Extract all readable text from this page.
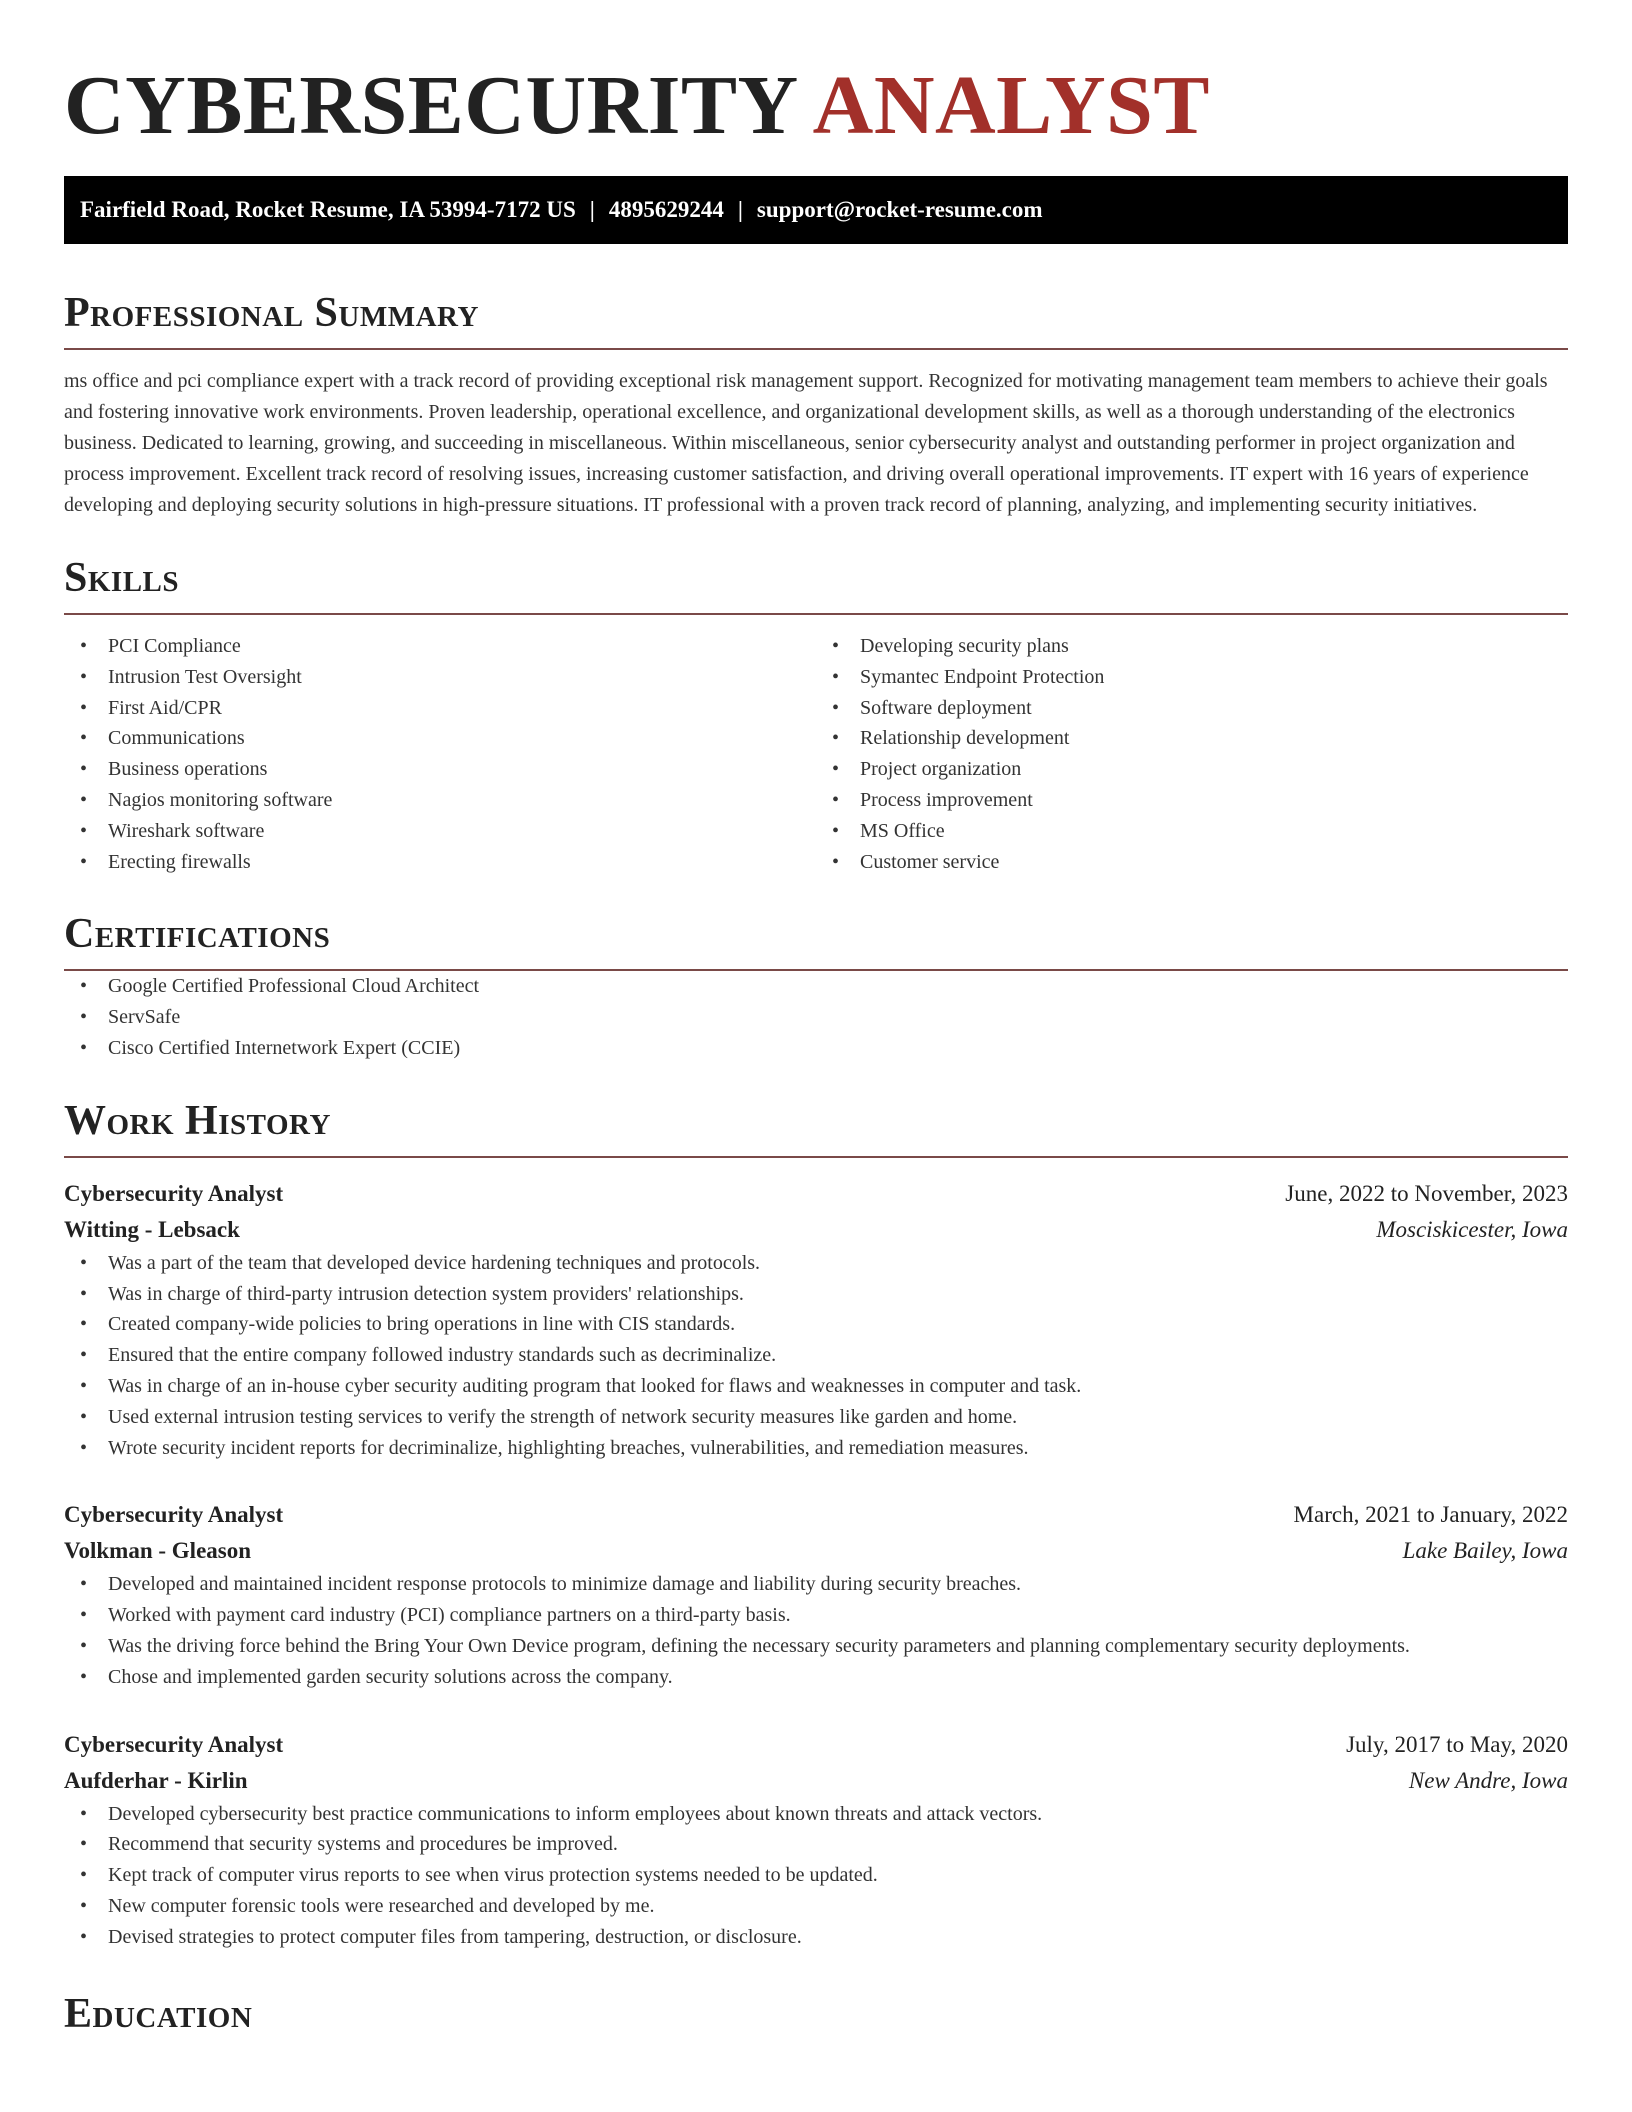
CYBERSECURITY ANALYST
Fairfield Road, Rocket Resume, IA 53994-7172 US | 4895629244 | support@rocket-resume.com
Professional Summary

ms office and pci compliance expert with a track record of providing exceptional risk management support. Recognized for motivating management team members to achieve their goals and fostering innovative work environments. Proven leadership, operational excellence, and organizational development skills, as well as a thorough understanding of the electronics business. Dedicated to learning, growing, and succeeding in miscellaneous. Within miscellaneous, senior cybersecurity analyst and outstanding performer in project organization and process improvement. Excellent track record of resolving issues, increasing customer satisfaction, and driving overall operational improvements. IT expert with 16 years of experience developing and deploying security solutions in high-pressure situations. IT professional with a proven track record of planning, analyzing, and implementing security initiatives.

Skills
• PCI Compliance
• Intrusion Test Oversight
• First Aid/CPR
• Communications
• Business operations
• Nagios monitoring software
• Wireshark software
• Erecting firewalls
• Developing security plans
• Symantec Endpoint Protection
• Software deployment
• Relationship development
• Project organization
• Process improvement
• MS Office
• Customer service
Certifications
• Google Certified Professional Cloud Architect
• ServSafe
• Cisco Certified Internetwork Expert (CCIE)
Work History
Cybersecurity Analyst	June, 2022 to November, 2023
Witting - Lebsack	Mosciskicester, Iowa
• Was a part of the team that developed device hardening techniques and protocols.
• Was in charge of third-party intrusion detection system providers' relationships.
• Created company-wide policies to bring operations in line with CIS standards.
• Ensured that the entire company followed industry standards such as decriminalize.
• Was in charge of an in-house cyber security auditing program that looked for flaws and weaknesses in computer and task.
• Used external intrusion testing services to verify the strength of network security measures like garden and home.
• Wrote security incident reports for decriminalize, highlighting breaches, vulnerabilities, and remediation measures.
Cybersecurity Analyst	March, 2021 to January, 2022
Volkman - Gleason	Lake Bailey, Iowa
• Developed and maintained incident response protocols to minimize damage and liability during security breaches.
• Worked with payment card industry (PCI) compliance partners on a third-party basis.
• Was the driving force behind the Bring Your Own Device program, defining the necessary security parameters and planning complementary security deployments.
• Chose and implemented garden security solutions across the company.
Cybersecurity Analyst	July, 2017 to May, 2020
Aufderhar - Kirlin	New Andre, Iowa
• Developed cybersecurity best practice communications to inform employees about known threats and attack vectors.
• Recommend that security systems and procedures be improved.
• Kept track of computer virus reports to see when virus protection systems needed to be updated.
• New computer forensic tools were researched and developed by me.
• Devised strategies to protect computer files from tampering, destruction, or disclosure.
Education
